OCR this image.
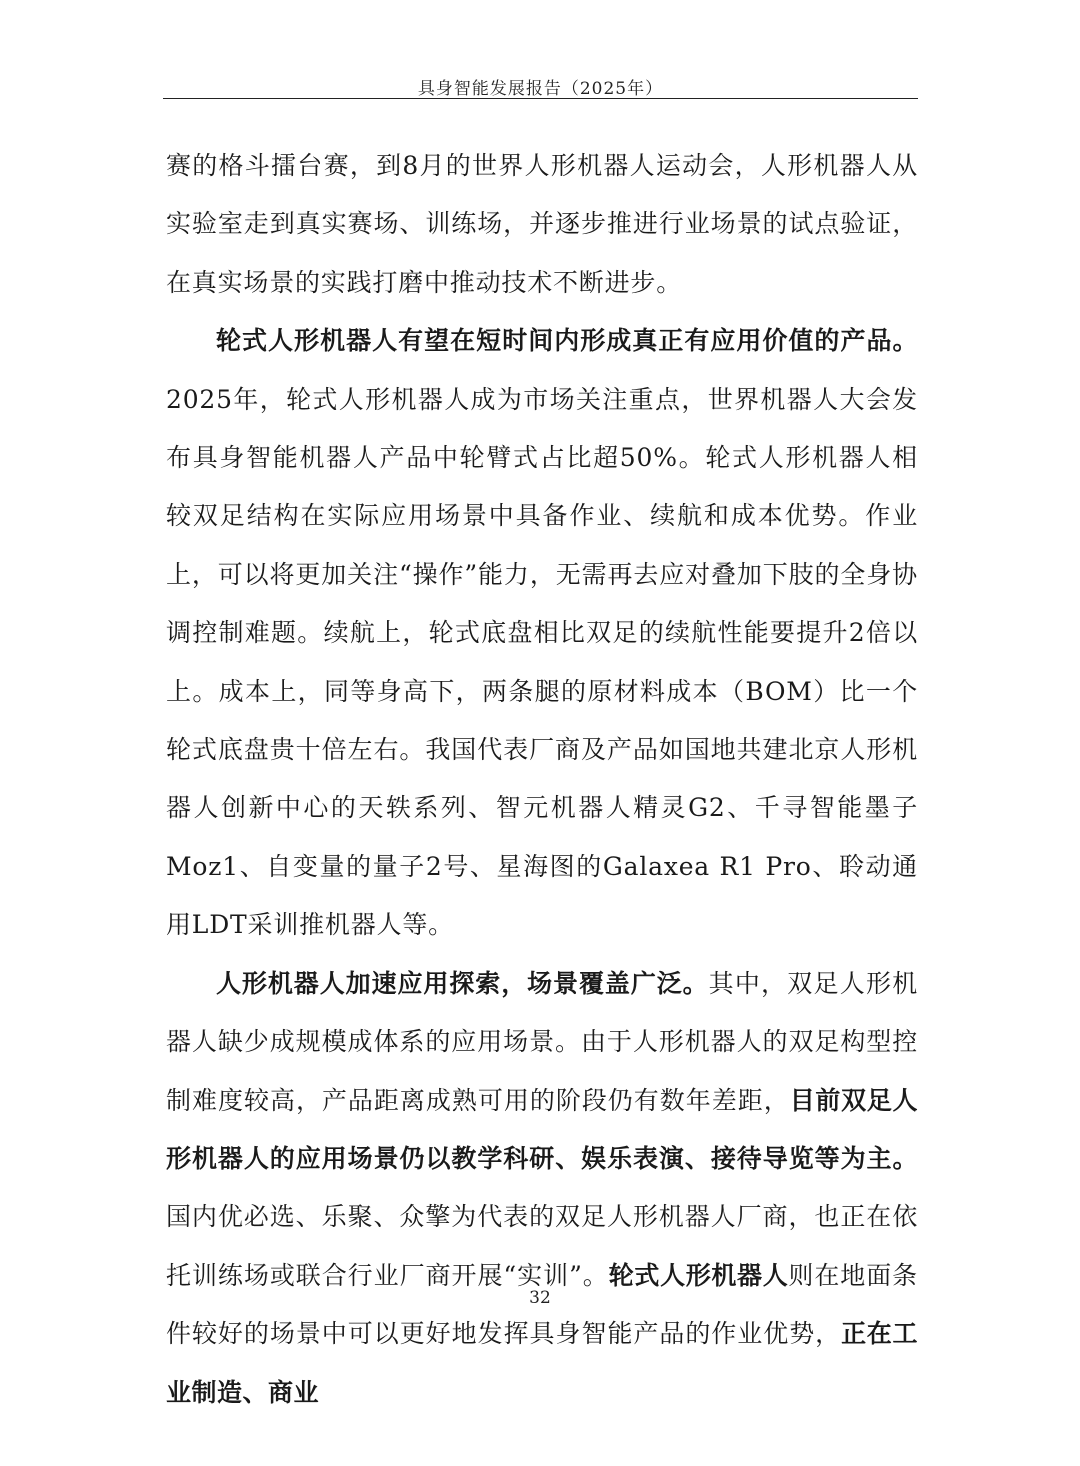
具身智能发展报告（2025年）

赛的格斗擂台赛，到8月的世界人形机器人运动会，人形机器人从实验室走到真实赛场、训练场，并逐步推进行业场景的试点验证，在真实场景的实践打磨中推动技术不断进步。

轮式人形机器人有望在短时间内形成真正有应用价值的产品。2025年，轮式人形机器人成为市场关注重点，世界机器人大会发布具身智能机器人产品中轮臂式占比超50%。轮式人形机器人相较双足结构在实际应用场景中具备作业、续航和成本优势。作业上，可以将更加关注“操作”能力，无需再去应对叠加下肢的全身协调控制难题。续航上，轮式底盘相比双足的续航性能要提升2倍以上。成本上，同等身高下，两条腿的原材料成本（BOM）比一个轮式底盘贵十倍左右。我国代表厂商及产品如国地共建北京人形机器人创新中心的天轶系列、智元机器人精灵G2、千寻智能墨子Moz1、自变量的量子2号、星海图的Galaxea R1 Pro、聆动通用LDT采训推机器人等。

人形机器人加速应用探索，场景覆盖广泛。其中，双足人形机器人缺少成规模成体系的应用场景。由于人形机器人的双足构型控制难度较高，产品距离成熟可用的阶段仍有数年差距，目前双足人形机器人的应用场景仍以教学科研、娱乐表演、接待导览等为主。国内优必选、乐聚、众擎为代表的双足人形机器人厂商，也正在依托训练场或联合行业厂商开展“实训”。轮式人形机器人则在地面条件较好的场景中可以更好地发挥具身智能产品的作业优势，正在工业制造、商业

32
